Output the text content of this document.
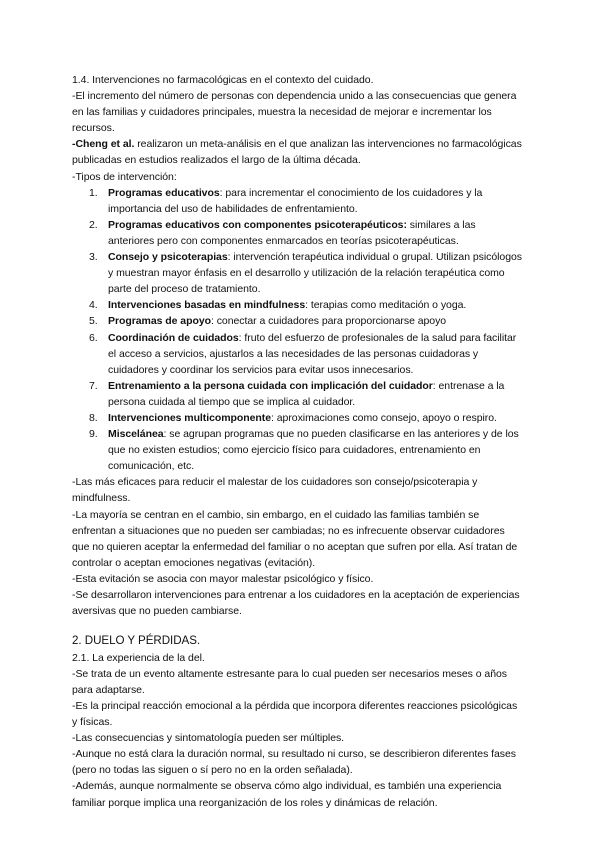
1.4. Intervenciones no farmacológicas en el contexto del cuidado.

-El incremento del número de personas con dependencia unido a las consecuencias que genera en las familias y cuidadores principales, muestra la necesidad de mejorar e incrementar los recursos.

-Cheng et al. realizaron un meta-análisis en el que analizan las intervenciones no farmacológicas publicadas en estudios realizados el largo de la última década.

-Tipos de intervención:

1. Programas educativos: para incrementar el conocimiento de los cuidadores y la importancia del uso de habilidades de enfrentamiento.
2. Programas educativos con componentes psicoterapéuticos: similares a las anteriores pero con componentes enmarcados en teorías psicoterapéuticas.
3. Consejo y psicoterapias: intervención terapéutica individual o grupal. Utilizan psicólogos y muestran mayor énfasis en el desarrollo y utilización de la relación terapéutica como parte del proceso de tratamiento.
4. Intervenciones basadas en mindfulness: terapias como meditación o yoga.
5. Programas de apoyo: conectar a cuidadores para proporcionarse apoyo
6. Coordinación de cuidados: fruto del esfuerzo de profesionales de la salud para facilitar el acceso a servicios, ajustarlos a las necesidades de las personas cuidadoras y cuidadores y coordinar los servicios para evitar usos innecesarios.
7. Entrenamiento a la persona cuidada con implicación del cuidador: entrenase a la persona cuidada al tiempo que se implica al cuidador.
8. Intervenciones multicomponente: aproximaciones como consejo, apoyo o respiro.
9. Miscelánea: se agrupan programas que no pueden clasificarse en las anteriores y de los que no existen estudios; como ejercicio físico para cuidadores, entrenamiento en comunicación, etc.

-Las más eficaces para reducir el malestar de los cuidadores son consejo/psicoterapia y mindfulness.

-La mayoría se centran en el cambio, sin embargo, en el cuidado las familias también se enfrentan a situaciones que no pueden ser cambiadas; no es infrecuente observar cuidadores que no quieren aceptar la enfermedad del familiar o no aceptan que sufren por ella. Así tratan de controlar o aceptan emociones negativas (evitación).

-Esta evitación se asocia con mayor malestar psicológico y físico.

-Se desarrollaron intervenciones para entrenar a los cuidadores en la aceptación de experiencias aversivas que no pueden cambiarse.

2. DUELO Y PÉRDIDAS.

2.1. La experiencia de la del.

-Se trata de un evento altamente estresante para lo cual pueden ser necesarios meses o años para adaptarse.

-Es la principal reacción emocional a la pérdida que incorpora diferentes reacciones psicológicas y físicas.

-Las consecuencias y sintomatología pueden ser múltiples.

-Aunque no está clara la duración normal, su resultado ni curso, se describieron diferentes fases (pero no todas las siguen o sí pero no en la orden señalada).

-Además, aunque normalmente se observa cómo algo individual, es también una experiencia familiar porque implica una reorganización de los roles y dinámicas de relación.
